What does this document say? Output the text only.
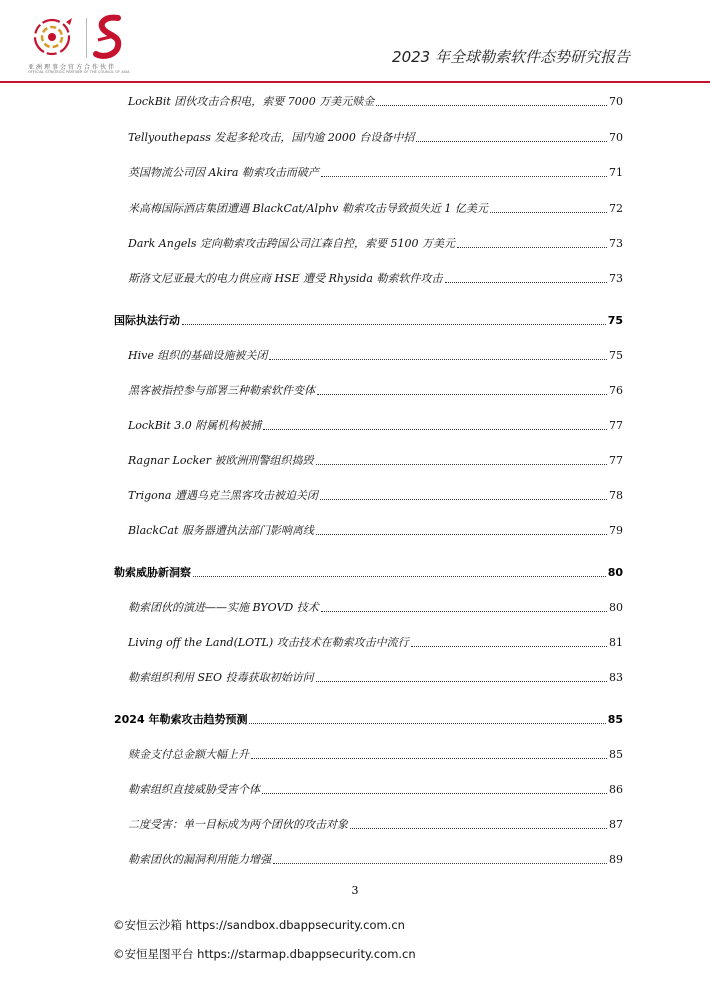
亚洲理事会官方合作伙伴
OFFICIAL STRATEGIC PARTNER OF THE COUNCIL OF ASIA
2023 年全球勒索软件态势研究报告
LockBit 团伙攻击合积电，索要 7000 万美元赎金	70
Tellyouthepass 发起多轮攻击，国内逾 2000 台设备中招	70
英国物流公司因 Akira 勒索攻击而破产	71
米高梅国际酒店集团遭遇 BlackCat/Alphv 勒索攻击导致损失近 1 亿美元	72
Dark Angels 定向勒索攻击跨国公司江森自控，索要 5100 万美元	73
斯洛文尼亚最大的电力供应商 HSE 遭受 Rhysida 勒索软件攻击	73
国际执法行动	75
Hive 组织的基础设施被关闭	75
黑客被指控参与部署三种勒索软件变体	76
LockBit 3.0 附属机构被捕	77
Ragnar Locker 被欧洲刑警组织捣毁	77
Trigona 遭遇乌克兰黑客攻击被迫关闭	78
BlackCat 服务器遭执法部门影响离线	79
勒索威胁新洞察	80
勒索团伙的演进——实施 BYOVD 技术	80
Living off the Land(LOTL) 攻击技术在勒索攻击中流行	81
勒索组织利用 SEO 投毒获取初始访问	83
2024 年勒索攻击趋势预测	85
赎金支付总金额大幅上升	85
勒索组织直接威胁受害个体	86
二度受害：单一目标成为两个团伙的攻击对象	87
勒索团伙的漏洞利用能力增强	89
3
©安恒云沙箱 https://sandbox.dbappsecurity.com.cn
©安恒星图平台 https://starmap.dbappsecurity.com.cn
